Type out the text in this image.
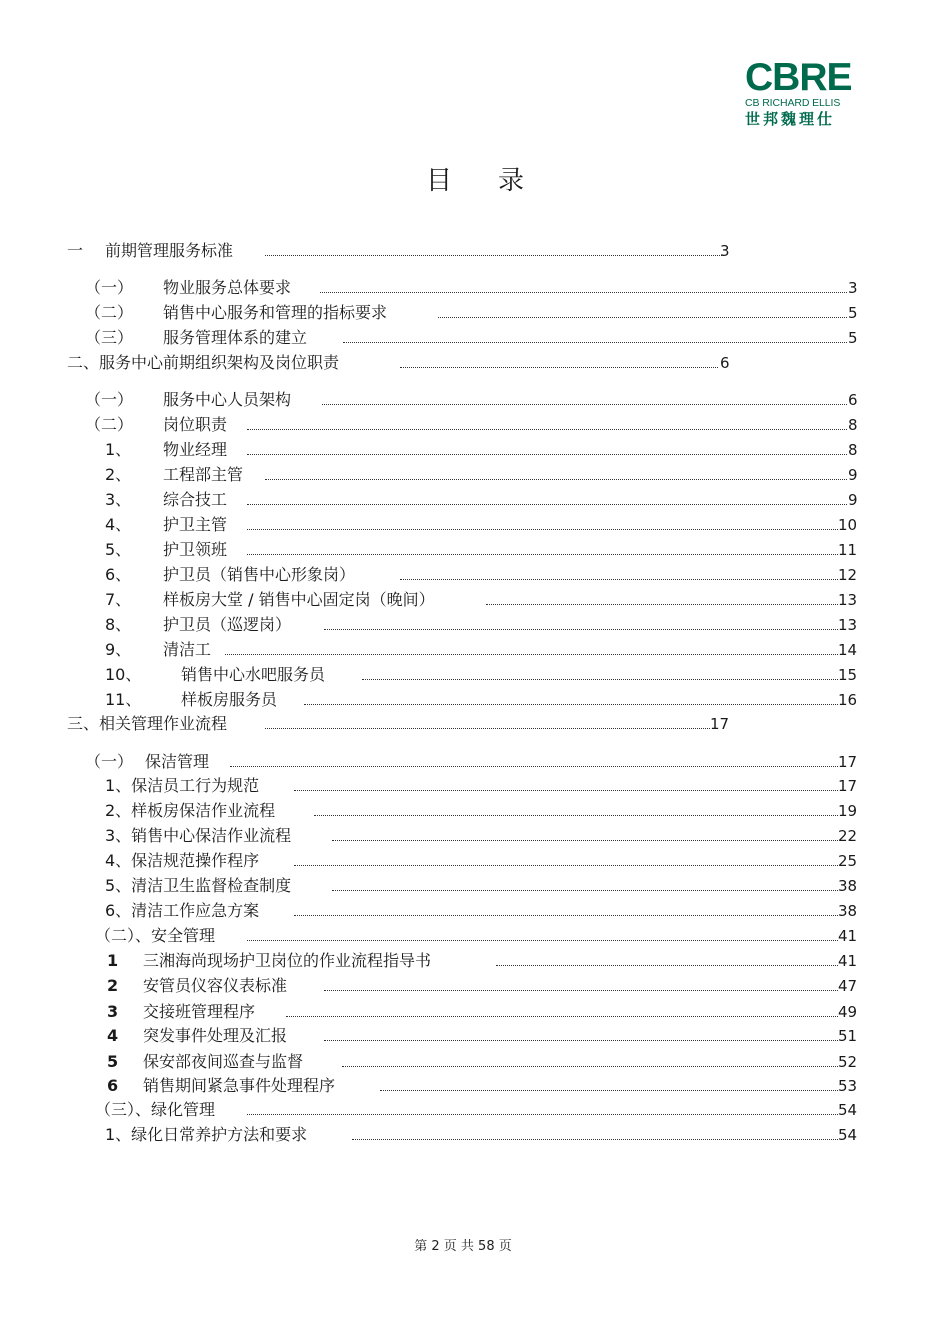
CBRE
CB RICHARD ELLIS
世邦魏理仕
目录
一 前期管理服务标准	3
（一） 物业服务总体要求	3
（二） 销售中心服务和管理的指标要求	5
（三） 服务管理体系的建立	5
二、服务中心前期组织架构及岗位职责	6
（一） 服务中心人员架构	6
（二） 岗位职责	8
1、 物业经理	8
2、 工程部主管	9
3、 综合技工	9
4、 护卫主管	10
5、 护卫领班	11
6、 护卫员（销售中心形象岗）	12
7、 样板房大堂 / 销售中心固定岗（晚间）	13
8、 护卫员（巡逻岗）	13
9、 清洁工	14
10、 销售中心水吧服务员	15
11、 样板房服务员	16
三、相关管理作业流程	17
（一） 保洁管理	17
1、保洁员工行为规范	17
2、样板房保洁作业流程	19
3、销售中心保洁作业流程	22
4、保洁规范操作程序	25
5、清洁卫生监督检查制度	38
6、清洁工作应急方案	38
（二）、安全管理	41
1 三湘海尚现场护卫岗位的作业流程指导书	41
2 安管员仪容仪表标准	47
3 交接班管理程序	49
4 突发事件处理及汇报	51
5 保安部夜间巡查与监督	52
6 销售期间紧急事件处理程序	53
（三）、绿化管理	54
1、绿化日常养护方法和要求	54
第 2 页 共 58 页
